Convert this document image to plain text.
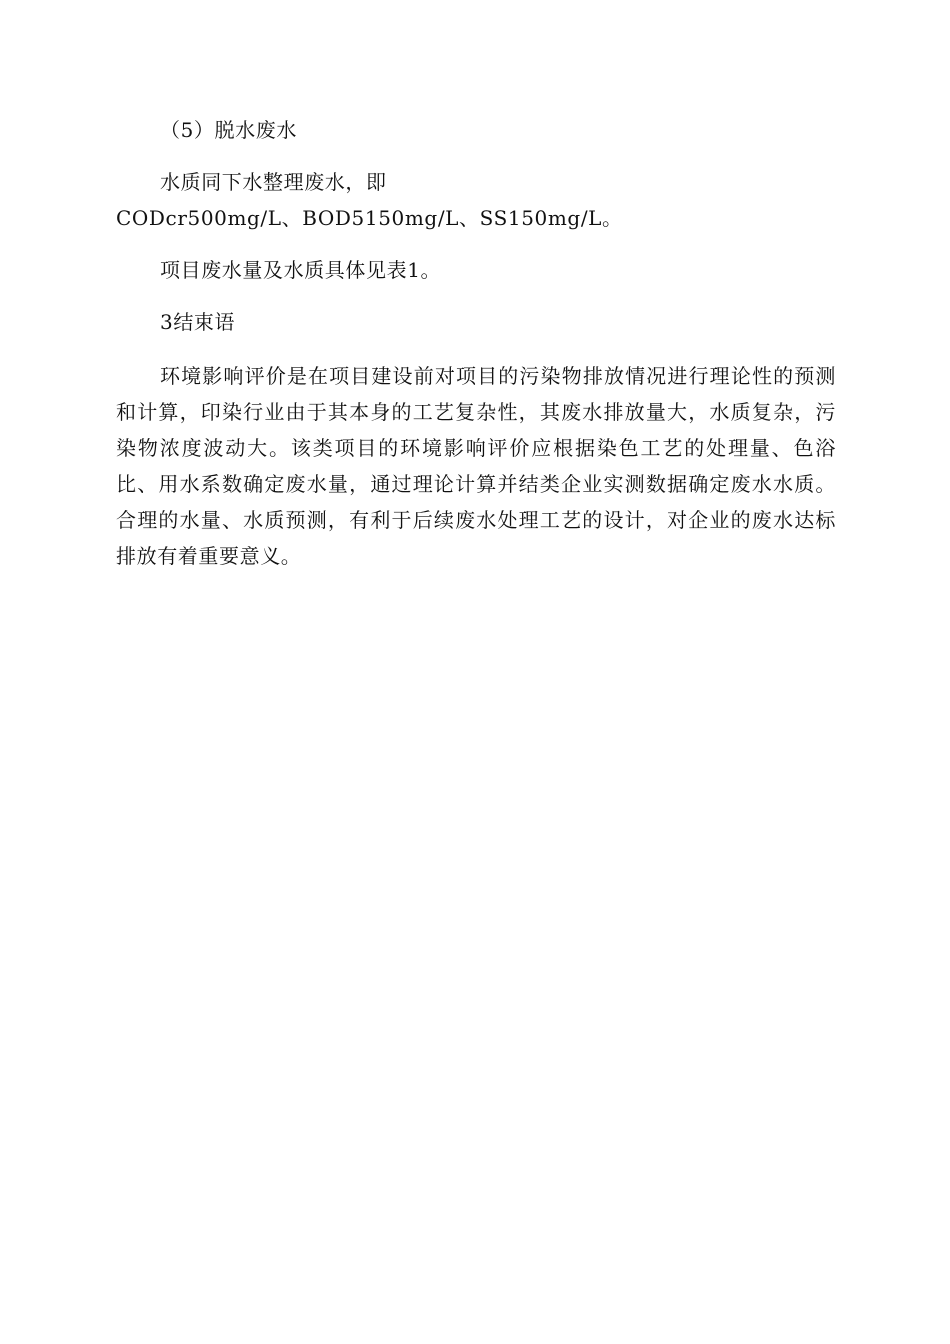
（5）脱水废水

水质同下水整理废水，即

CODcr500mg/L、BOD5150mg/L、SS150mg/L。

项目废水量及水质具体见表1。

3结束语

环境影响评价是在项目建设前对项目的污染物排放情况进行理论性的预测和计算，印染行业由于其本身的工艺复杂性，其废水排放量大，水质复杂，污染物浓度波动大。该类项目的环境影响评价应根据染色工艺的处理量、色浴比、用水系数确定废水量，通过理论计算并结类企业实测数据确定废水水质。合理的水量、水质预测，有利于后续废水处理工艺的设计，对企业的废水达标排放有着重要意义。
